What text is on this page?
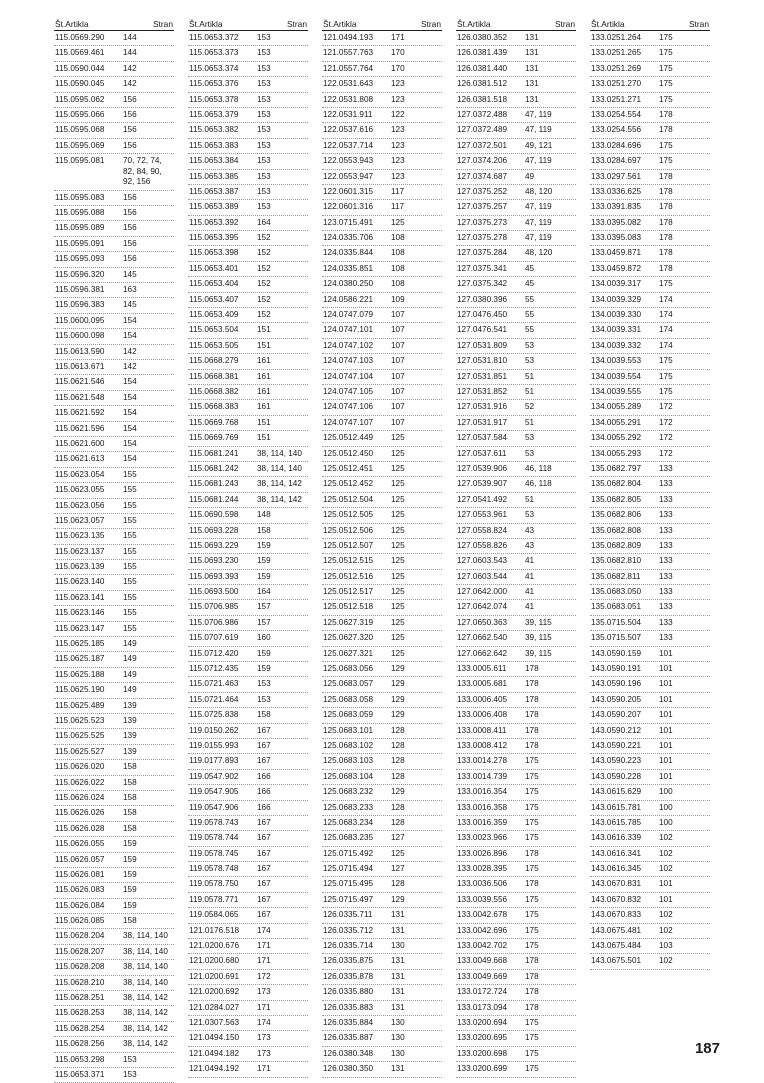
Št.Artikla	Stran
115.0569.290	144
115.0569.461	144
115.0590.044	142
115.0590.045	142
115.0595.062	156
115.0595.066	156
115.0595.068	156
115.0595.069	156
115.0595.081	70, 72, 74,
82, 84, 90,
92, 156
115.0595.083	156
115.0595.088	156
115.0595.089	156
115.0595.091	156
115.0595.093	156
115.0596.320	145
115.0596.381	163
115.0596.383	145
115.0600.095	154
115.0600.098	154
115.0613.590	142
115.0613.671	142
115.0621.546	154
115.0621.548	154
115.0621.592	154
115.0621.596	154
115.0621.600	154
115.0621.613	154
115.0623.054	155
115.0623.055	155
115.0623.056	155
115.0623.057	155
115.0623.135	155
115.0623.137	155
115.0623.139	155
115.0623.140	155
115.0623.141	155
115.0623.146	155
115.0623.147	155
115.0625.185	149
115.0625.187	149
115.0625.188	149
115.0625.190	149
115.0625.489	139
115.0625.523	139
115.0625.525	139
115.0625.527	139
115.0626.020	158
115.0626.022	158
115.0626.024	158
115.0626.026	158
115.0626.028	158
115.0626.055	159
115.0626.057	159
115.0626.081	159
115.0626.083	159
115.0626.084	159
115.0626.085	158
115.0628.204	38, 114, 140
115.0628.207	38, 114, 140
115.0628.208	38, 114, 140
115.0628.210	38, 114, 140
115.0628.251	38, 114, 142
115.0628.253	38, 114, 142
115.0628.254	38, 114, 142
115.0628.256	38, 114, 142
115.0653.298	153
115.0653.371	153
Št.Artikla	Stran
115.0653.372	153
115.0653.373	153
115.0653.374	153
115.0653.376	153
115.0653.378	153
115.0653.379	153
115.0653.382	153
115.0653.383	153
115.0653.384	153
115.0653.385	153
115.0653.387	153
115.0653.389	153
115.0653.392	164
115.0653.395	152
115.0653.398	152
115.0653.401	152
115.0653.404	152
115.0653.407	152
115.0653.409	152
115.0653.504	151
115.0653.505	151
115.0668.279	161
115.0668.381	161
115.0668.382	161
115.0668.383	161
115.0669.768	151
115.0669.769	151
115.0681.241	38, 114, 140
115.0681.242	38, 114, 140
115.0681.243	38, 114, 142
115.0681.244	38, 114, 142
115.0690.598	148
115.0693.228	158
115.0693.229	159
115.0693.230	159
115.0693.393	159
115.0693.500	164
115.0706.985	157
115.0706.986	157
115.0707.619	160
115.0712.420	159
115.0712.435	159
115.0721.463	153
115.0721.464	153
115.0725.838	158
119.0150.262	167
119.0155.993	167
119.0177.893	167
119.0547.902	166
119.0547.905	166
119.0547.906	166
119.0578.743	167
119.0578.744	167
119.0578.745	167
119.0578.748	167
119.0578.750	167
119.0578.771	167
119.0584.065	167
121.0176.518	174
121.0200.676	171
121.0200.680	171
121.0200.691	172
121.0200.692	173
121.0284.027	171
121.0307.563	174
121.0494.150	173
121.0494.182	173
121.0494.192	171
Št.Artikla	Stran
121.0494.193	171
121.0557.763	170
121.0557.764	170
122.0531.643	123
122.0531.808	123
122.0531.911	122
122.0537.616	123
122.0537.714	123
122.0553.943	123
122.0553.947	123
122.0601.315	117
122.0601.316	117
123.0715.491	125
124.0335.706	108
124.0335.844	108
124.0335.851	108
124.0380.250	108
124.0586.221	109
124.0747.079	107
124.0747.101	107
124.0747.102	107
124.0747.103	107
124.0747.104	107
124.0747.105	107
124.0747.106	107
124.0747.107	107
125.0512.449	125
125.0512.450	125
125.0512.451	125
125.0512.452	125
125.0512.504	125
125.0512.505	125
125.0512.506	125
125.0512.507	125
125.0512.515	125
125.0512.516	125
125.0512.517	125
125.0512.518	125
125.0627.319	125
125.0627.320	125
125.0627.321	125
125.0683.056	129
125.0683.057	129
125.0683.058	129
125.0683.059	129
125.0683.101	128
125.0683.102	128
125.0683.103	128
125.0683.104	128
125.0683.232	129
125.0683.233	128
125.0683.234	128
125.0683.235	127
125.0715.492	125
125.0715.494	127
125.0715.495	128
125.0715.497	129
126.0335.711	131
126.0335.712	131
126.0335.714	130
126.0335.875	131
126.0335.878	131
126.0335.880	131
126.0335.883	131
126.0335.884	130
126.0335.887	130
126.0380.348	130
126.0380.350	131
Št.Artikla	Stran
126.0380.352	131
126.0381.439	131
126.0381.440	131
126.0381.512	131
126.0381.518	131
127.0372.488	47, 119
127.0372.489	47, 119
127.0372.501	49, 121
127.0374.206	47, 119
127.0374.687	49
127.0375.252	48, 120
127.0375.257	47, 119
127.0375.273	47, 119
127.0375.278	47, 119
127.0375.284	48, 120
127.0375.341	45
127.0375.342	45
127.0380.396	55
127.0476.450	55
127.0476.541	55
127.0531.809	53
127.0531.810	53
127.0531.851	51
127.0531.852	51
127.0531.916	52
127.0531.917	51
127.0537.584	53
127.0537.611	53
127.0539.906	46, 118
127.0539.907	46, 118
127.0541.492	51
127.0553.961	53
127.0558.824	43
127.0558.826	43
127.0603.543	41
127.0603.544	41
127.0642.000	41
127.0642.074	41
127.0650.363	39, 115
127.0662.540	39, 115
127.0662.642	39, 115
133.0005.611	178
133.0005.681	178
133.0006.405	178
133.0006.408	178
133.0008.411	178
133.0008.412	178
133.0014.278	175
133.0014.739	175
133.0016.354	175
133.0016.358	175
133.0016.359	175
133.0023.966	175
133.0026.896	178
133.0028.395	175
133.0036.506	178
133.0039.556	175
133.0042.678	175
133.0042.696	175
133.0042.702	175
133.0049.668	178
133.0049.669	178
133.0172.724	178
133.0173.094	178
133.0200.694	175
133.0200.695	175
133.0200.698	175
133.0200.699	175
Št.Artikla	Stran
133.0251.264	175
133.0251.265	175
133.0251.269	175
133.0251.270	175
133.0251.271	175
133.0254.554	178
133.0254.556	178
133.0284.696	175
133.0284.697	175
133.0297.561	178
133.0336.625	178
133.0391.835	178
133.0395.082	178
133.0395.083	178
133.0459.871	178
133.0459.872	178
134.0039.317	175
134.0039.329	174
134.0039.330	174
134.0039.331	174
134.0039.332	174
134.0039.553	175
134.0039.554	175
134.0039.555	175
134.0055.289	172
134.0055.291	172
134.0055.292	172
134.0055.293	172
135.0682.797	133
135.0682.804	133
135.0682.805	133
135.0682.806	133
135.0682.808	133
135.0682.809	133
135.0682.810	133
135.0682.811	133
135.0683.050	133
135.0683.051	133
135.0715.504	133
135.0715.507	133
143.0590.159	101
143.0590.191	101
143.0590.196	101
143.0590.205	101
143.0590.207	101
143.0590.212	101
143.0590.221	101
143.0590.223	101
143.0590.228	101
143.0615.629	100
143.0615.781	100
143.0615.785	100
143.0616.339	102
143.0616.341	102
143.0616.345	102
143.0670.831	101
143.0670.832	101
143.0670.833	102
143.0675.481	102
143.0675.484	103
143.0675.501	102
187
